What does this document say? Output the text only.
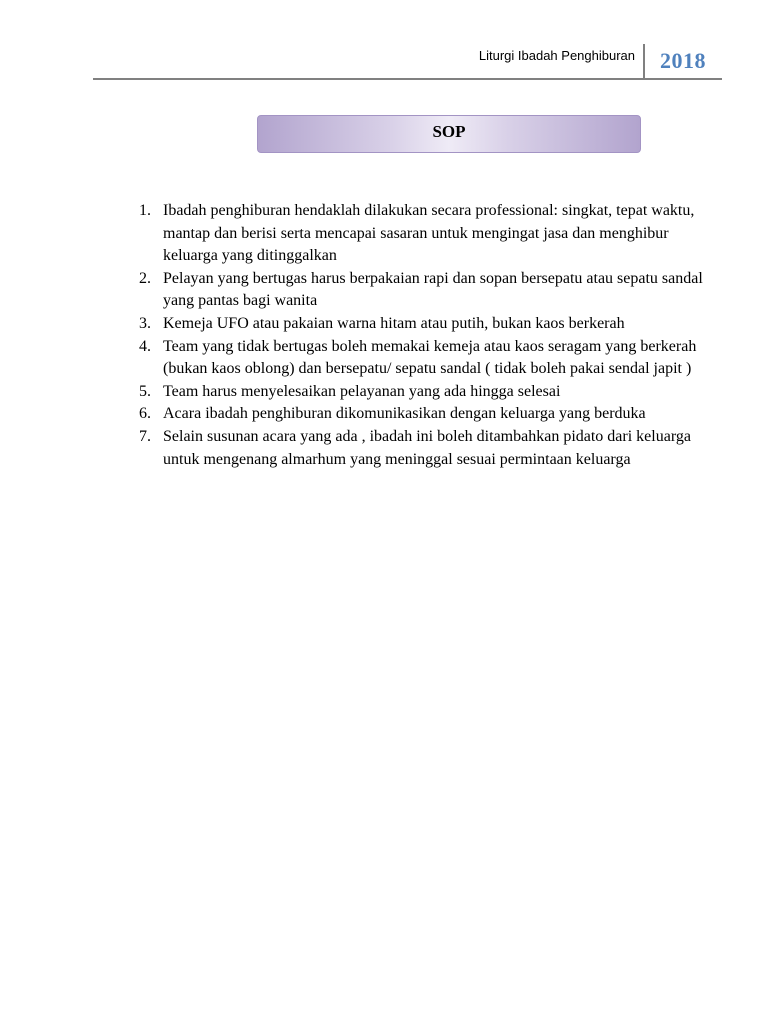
Liturgi Ibadah Penghiburan 2018
SOP
1. Ibadah penghiburan hendaklah dilakukan secara professional: singkat, tepat waktu, mantap dan berisi serta mencapai sasaran untuk mengingat jasa dan menghibur keluarga yang ditinggalkan
2. Pelayan yang bertugas harus berpakaian rapi dan sopan bersepatu atau sepatu sandal yang pantas bagi wanita
3. Kemeja UFO atau pakaian warna hitam atau putih, bukan kaos berkerah
4. Team yang tidak bertugas boleh memakai kemeja atau kaos seragam yang berkerah (bukan kaos oblong) dan bersepatu/ sepatu sandal ( tidak boleh pakai sendal japit )
5. Team harus menyelesaikan pelayanan yang ada hingga selesai
6. Acara ibadah penghiburan dikomunikasikan dengan keluarga yang berduka
7. Selain susunan acara yang ada , ibadah ini boleh ditambahkan pidato dari keluarga untuk mengenang almarhum yang meninggal sesuai permintaan keluarga
